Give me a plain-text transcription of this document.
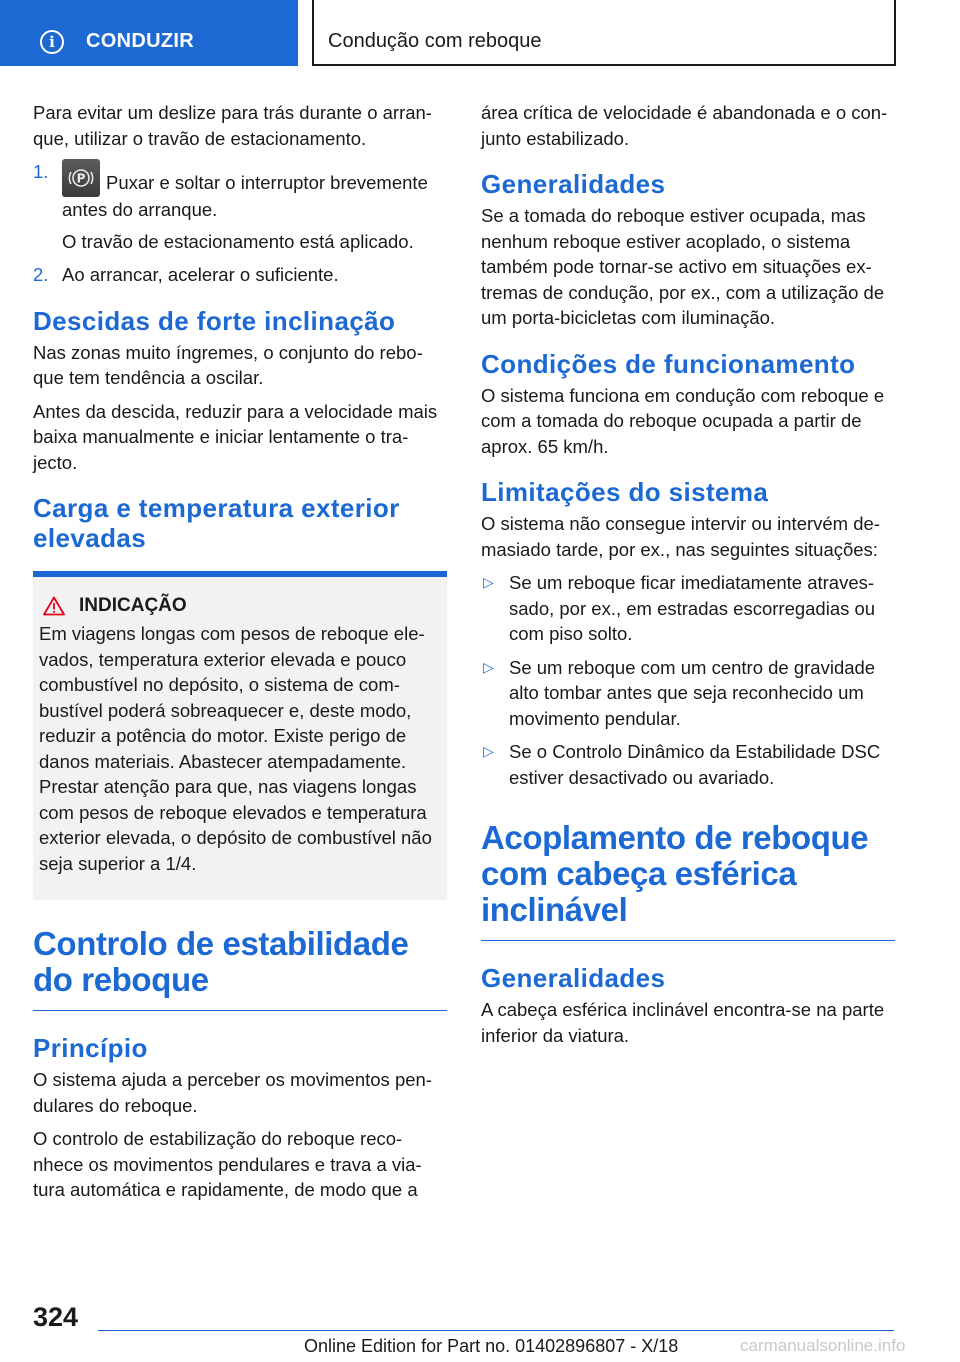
i	CONDUZIR	Condução com reboque

Para evitar um deslize para trás durante o arran-que, utilizar o travão de estacionamento.

1.	P Puxar e soltar o interruptor brevemente antes do arranque.
O travão de estacionamento está aplicado.
2. Ao arrancar, acelerar o suficiente.
Descidas de forte inclinação

Nas zonas muito íngremes, o conjunto do rebo-que tem tendência a oscilar.

Antes da descida, reduzir para a velocidade mais baixa manualmente e iniciar lentamente o tra-jecto.

Carga e temperatura exterior elevadas
INDICAÇÃO

Em viagens longas com pesos de reboque ele-vados, temperatura exterior elevada e pouco combustível no depósito, o sistema de com-bustível poderá sobreaquecer e, deste modo, reduzir a potência do motor. Existe perigo de danos materiais. Abastecer atempadamente. Prestar atenção para que, nas viagens longas com pesos de reboque elevados e temperatura exterior elevada, o depósito de combustível não seja superior a 1/4.

Controlo de estabilidade do reboque
Princípio

O sistema ajuda a perceber os movimentos pen-dulares do reboque.

O controlo de estabilização do reboque reco-nhece os movimentos pendulares e trava a via-tura automática e rapidamente, de modo que a

área crítica de velocidade é abandonada e o con-junto estabilizado.

Generalidades

Se a tomada do reboque estiver ocupada, mas nenhum reboque estiver acoplado, o sistema também pode tornar-se activo em situações ex-tremas de condução, por ex., com a utilização de um porta-bicicletas com iluminação.

Condições de funcionamento

O sistema funciona em condução com reboque e com a tomada do reboque ocupada a partir de aprox. 65 km/h.

Limitações do sistema

O sistema não consegue intervir ou intervém de-masiado tarde, por ex., nas seguintes situações:

▷ Se um reboque ficar imediatamente atraves-sado, por ex., em estradas escorregadias ou com piso solto.
▷ Se um reboque com um centro de gravidade alto tombar antes que seja reconhecido um movimento pendular.
▷ Se o Controlo Dinâmico da Estabilidade DSC estiver desactivado ou avariado.
Acoplamento de reboque com cabeça esférica inclinável
Generalidades

A cabeça esférica inclinável encontra-se na parte inferior da viatura.

324
Online Edition for Part no. 01402896807 - X/18	carmanualsonline.info
